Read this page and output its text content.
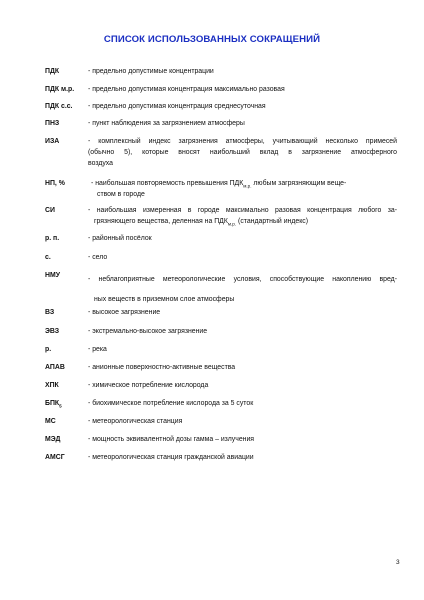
СПИСОК ИСПОЛЬЗОВАННЫХ СОКРАЩЕНИЙ
ПДК	- предельно допустимые концентрации
ПДК м.р.	- предельно допустимая концентрация максимально разовая
ПДК с.с.	- предельно допустимая концентрация среднесуточная
ПНЗ	- пункт наблюдения за загрязнением атмосферы
ИЗА	- комплексный индекс загрязнения атмосферы, учитывающий несколько примесей
(обычно 5), которые вносят наибольший вклад в загрязнение атмосферного
воздуха
НП, %	- наибольшая повторяемость превышения $ПДК_{м.р.}$ любым загрязняющим веще-
ством в городе
СИ	- наибольшая измеренная в городе максимально разовая концентрация любого за-
грязняющего вещества, деленная на $ПДК_{м.р.}$ (стандартный индекс)
р. п.	- районный посёлок
с.	- село
НМУ
- неблагоприятные метеорологические условия, способствующие накоплению вред-
ных веществ в приземном слое атмосферы
ВЗ	- высокое загрязнение
ЭВЗ	- экстремально-высокое загрязнение
р.	- река
АПАВ	- анионные поверхностно-активные вещества
ХПК	- химическое потребление кислорода
$БПК_5$	- биохимическое потребление кислорода за 5 суток
МС	- метеорологическая станция
МЭД	- мощность эквивалентной дозы гамма – излучения
АМСГ	- метеорологическая станция гражданской авиации
3
